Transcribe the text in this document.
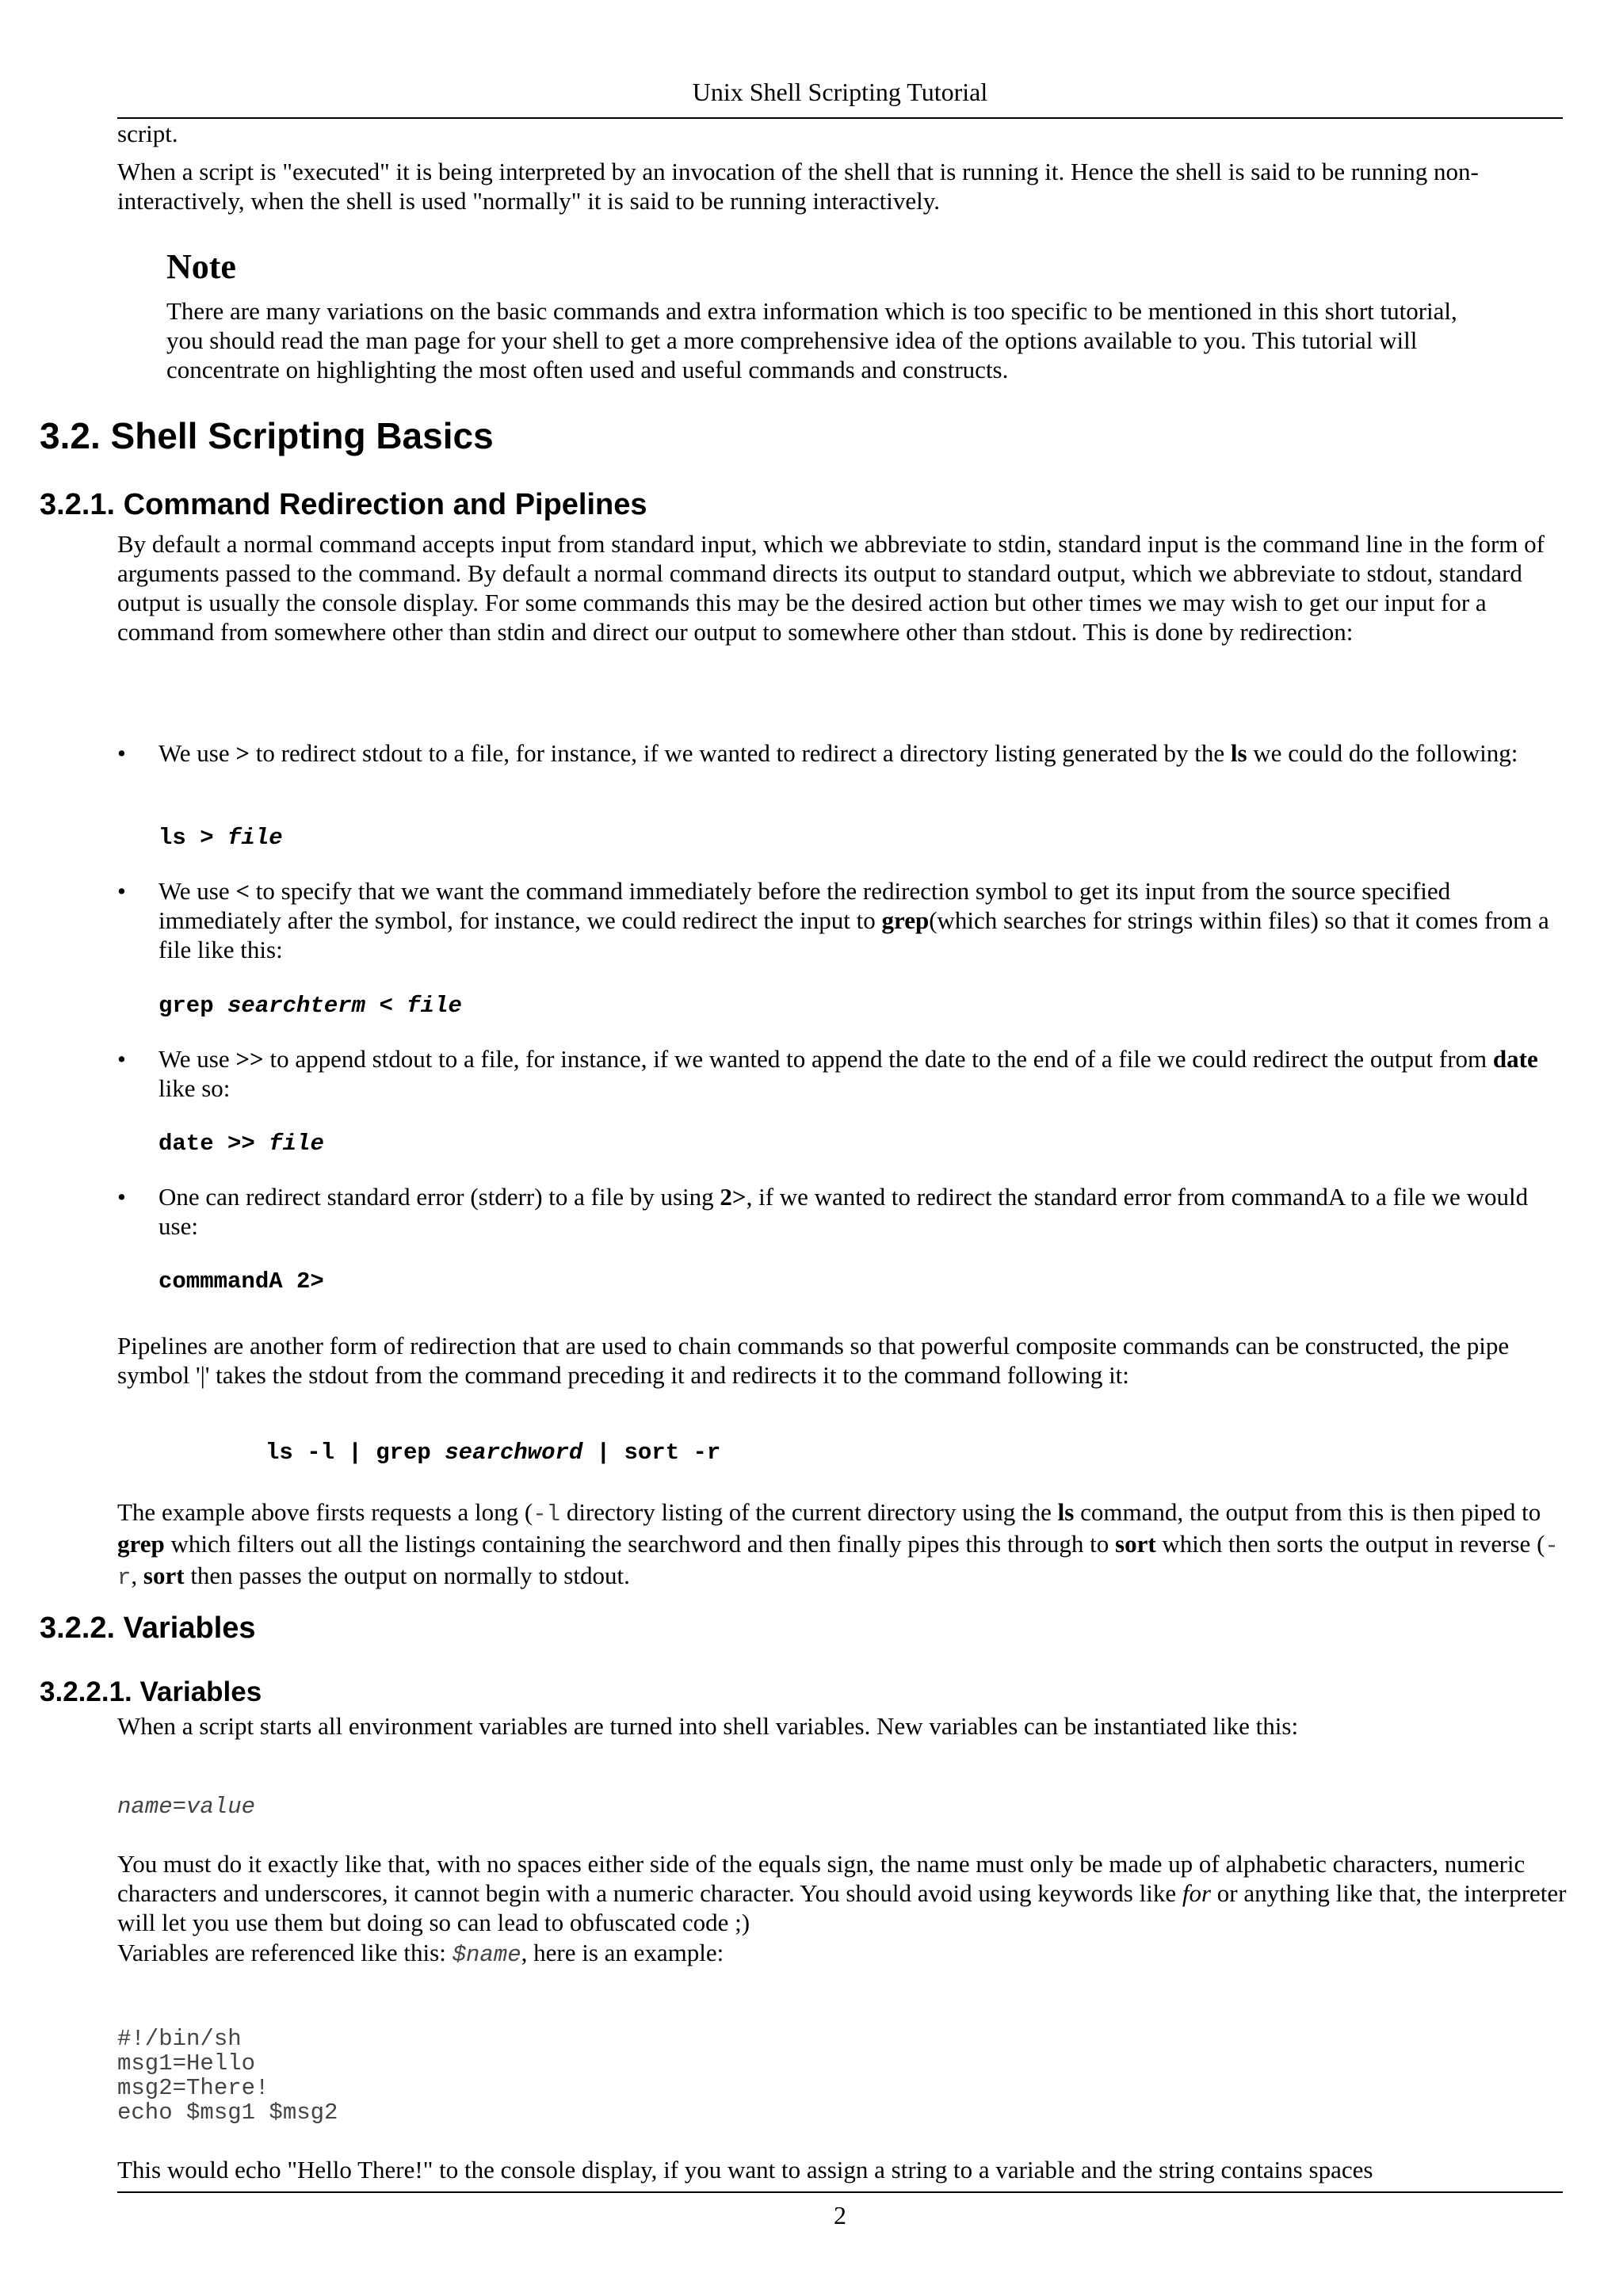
Unix Shell Scripting Tutorial

script.

When a script is "executed" it is being interpreted by an invocation of the shell that is running it. Hence the shell is said to be running non-interactively, when the shell is used "normally" it is said to be running interactively.

Note

There are many variations on the basic commands and extra information which is too specific to be mentioned in this short tutorial, you should read the man page for your shell to get a more comprehensive idea of the options available to you. This tutorial will concentrate on highlighting the most often used and useful commands and constructs.

3.2. Shell Scripting Basics
3.2.1. Command Redirection and Pipelines

By default a normal command accepts input from standard input, which we abbreviate to stdin, standard input is the command line in the form of arguments passed to the command. By default a normal command directs its output to standard output, which we abbreviate to stdout, standard output is usually the console display. For some commands this may be the desired action but other times we may wish to get our input for a command from somewhere other than stdin and direct our output to somewhere other than stdout. This is done by redirection:

• We use > to redirect stdout to a file, for instance, if we wanted to redirect a directory listing generated by the ls we could do the following:

ls > file
• We use < to specify that we want the command immediately before the redirection symbol to get its input from the source specified immediately after the symbol, for instance, we could redirect the input to grep(which searches for strings within files) so that it comes from a file like this:

grep searchterm < file
• We use >> to append stdout to a file, for instance, if we wanted to append the date to the end of a file we could redirect the output from date like so:

date >> file
• One can redirect standard error (stderr) to a file by using 2>, if we wanted to redirect the standard error from commandA to a file we would use:

commmandA 2>

Pipelines are another form of redirection that are used to chain commands so that powerful composite commands can be constructed, the pipe symbol '|' takes the stdout from the command preceding it and redirects it to the command following it:

ls -l | grep searchword | sort -r

The example above firsts requests a long (-l directory listing of the current directory using the ls command, the output from this is then piped to grep which filters out all the listings containing the searchword and then finally pipes this through to sort which then sorts the output in reverse (-r, sort then passes the output on normally to stdout.

3.2.2. Variables
3.2.2.1. Variables

When a script starts all environment variables are turned into shell variables. New variables can be instantiated like this:

name=value

You must do it exactly like that, with no spaces either side of the equals sign, the name must only be made up of alphabetic characters, numeric characters and underscores, it cannot begin with a numeric character. You should avoid using keywords like for or anything like that, the interpreter will let you use them but doing so can lead to obfuscated code ;)

Variables are referenced like this: $name, here is an example:

#!/bin/sh
msg1=Hello
msg2=There!
echo $msg1 $msg2

This would echo "Hello There!" to the console display, if you want to assign a string to a variable and the string contains spaces

2
